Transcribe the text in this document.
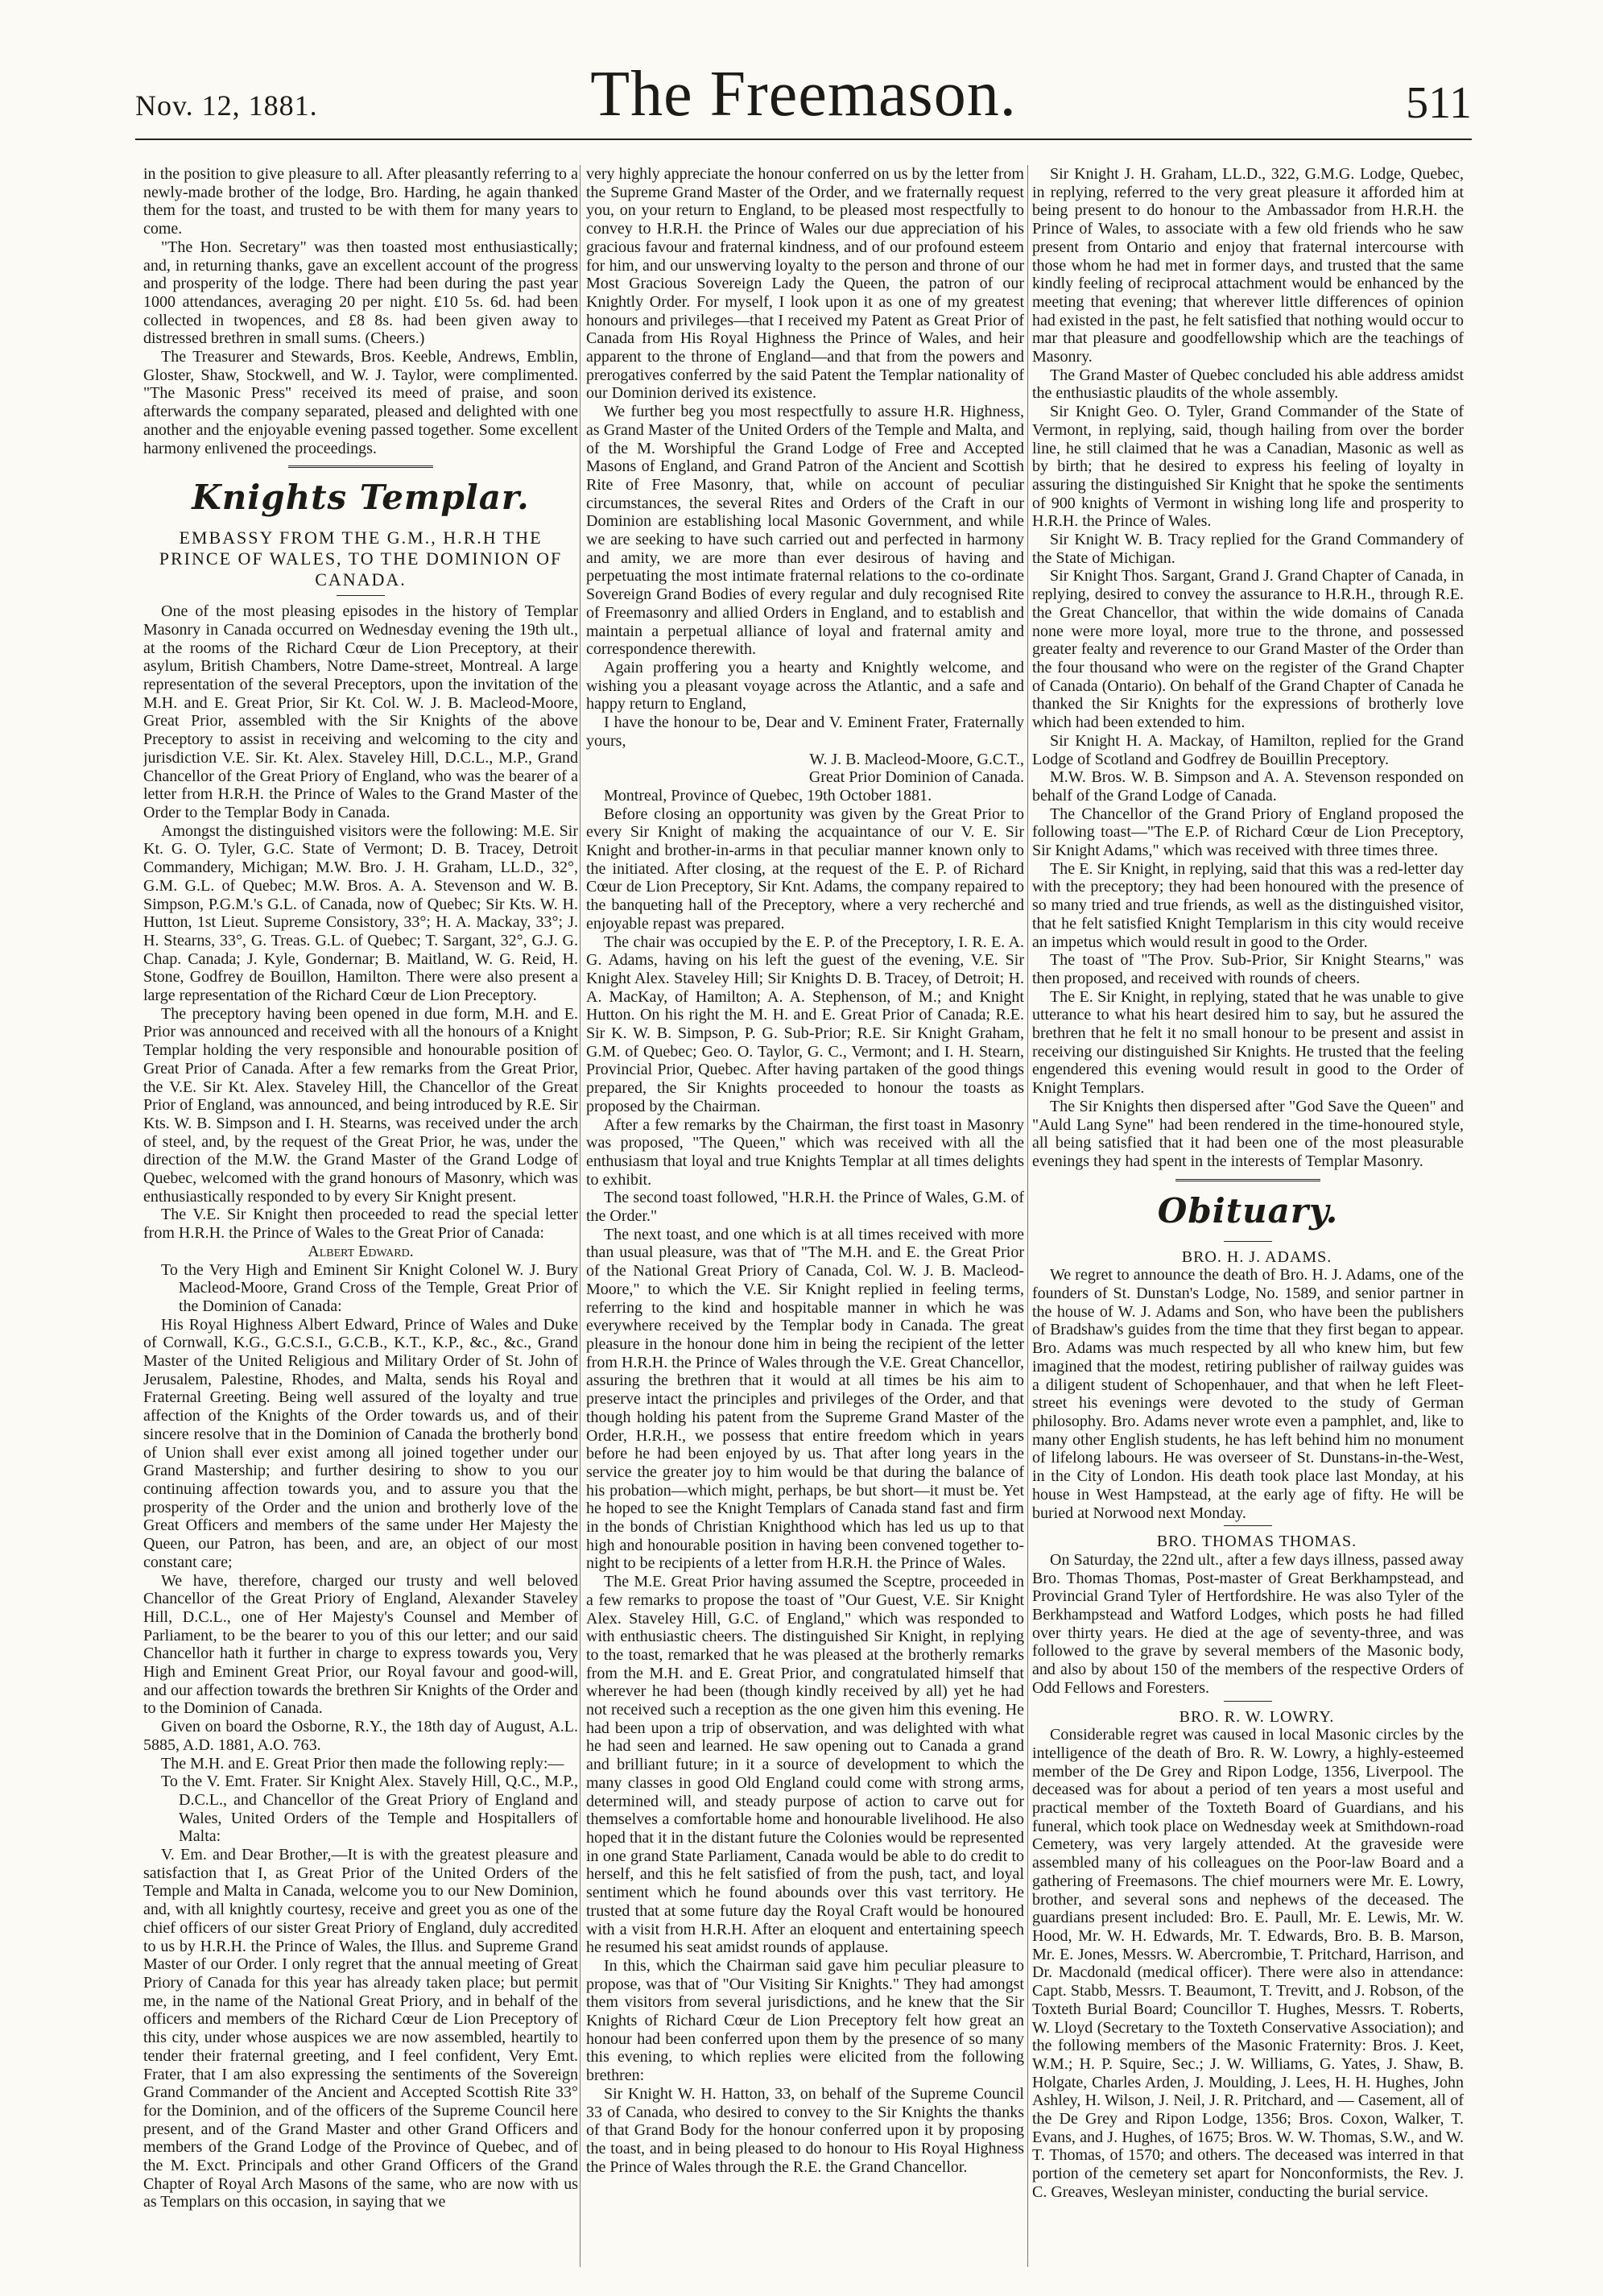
Nov. 12, 1881.	The Freemason.	511

in the position to give pleasure to all. After pleasantly referring to a newly-made brother of the lodge, Bro. Harding, he again thanked them for the toast, and trusted to be with them for many years to come.

"The Hon. Secretary" was then toasted most enthusiastically; and, in returning thanks, gave an excellent account of the progress and prosperity of the lodge. There had been during the past year 1000 attendances, averaging 20 per night. £10 5s. 6d. had been collected in twopences, and £8 8s. had been given away to distressed brethren in small sums. (Cheers.)

The Treasurer and Stewards, Bros. Keeble, Andrews, Emblin, Gloster, Shaw, Stockwell, and W. J. Taylor, were complimented. "The Masonic Press" received its meed of praise, and soon afterwards the company separated, pleased and delighted with one another and the enjoyable evening passed together. Some excellent harmony enlivened the proceedings.

Knights Templar.
EMBASSY FROM THE G.M., H.R.H THE PRINCE OF WALES, TO THE DOMINION OF CANADA.

One of the most pleasing episodes in the history of Templar Masonry in Canada occurred on Wednesday evening the 19th ult., at the rooms of the Richard Cœur de Lion Preceptory, at their asylum, British Chambers, Notre Dame-street, Montreal. A large representation of the several Preceptors, upon the invitation of the M.H. and E. Great Prior, Sir Kt. Col. W. J. B. Macleod-Moore, Great Prior, assembled with the Sir Knights of the above Preceptory to assist in receiving and welcoming to the city and jurisdiction V.E. Sir. Kt. Alex. Staveley Hill, D.C.L., M.P., Grand Chancellor of the Great Priory of England, who was the bearer of a letter from H.R.H. the Prince of Wales to the Grand Master of the Order to the Templar Body in Canada.

Amongst the distinguished visitors were the following: M.E. Sir Kt. G. O. Tyler, G.C. State of Vermont; D. B. Tracey, Detroit Commandery, Michigan; M.W. Bro. J. H. Graham, LL.D., 32°, G.M. G.L. of Quebec; M.W. Bros. A. A. Stevenson and W. B. Simpson, P.G.M.'s G.L. of Canada, now of Quebec; Sir Kts. W. H. Hutton, 1st Lieut. Supreme Consistory, 33°; H. A. Mackay, 33°; J. H. Stearns, 33°, G. Treas. G.L. of Quebec; T. Sargant, 32°, G.J. G. Chap. Canada; J. Kyle, Gondernar; B. Maitland, W. G. Reid, H. Stone, Godfrey de Bouillon, Hamilton. There were also present a large representation of the Richard Cœur de Lion Preceptory.

The preceptory having been opened in due form, M.H. and E. Prior was announced and received with all the honours of a Knight Templar holding the very responsible and honourable position of Great Prior of Canada. After a few remarks from the Great Prior, the V.E. Sir Kt. Alex. Staveley Hill, the Chancellor of the Great Prior of England, was announced, and being introduced by R.E. Sir Kts. W. B. Simpson and I. H. Stearns, was received under the arch of steel, and, by the request of the Great Prior, he was, under the direction of the M.W. the Grand Master of the Grand Lodge of Quebec, welcomed with the grand honours of Masonry, which was enthusiastically responded to by every Sir Knight present.

The V.E. Sir Knight then proceeded to read the special letter from H.R.H. the Prince of Wales to the Great Prior of Canada:

Albert Edward.

To the Very High and Eminent Sir Knight Colonel W. J. Bury Macleod-Moore, Grand Cross of the Temple, Great Prior of the Dominion of Canada:

His Royal Highness Albert Edward, Prince of Wales and Duke of Cornwall, K.G., G.C.S.I., G.C.B., K.T., K.P., &c., &c., Grand Master of the United Religious and Military Order of St. John of Jerusalem, Palestine, Rhodes, and Malta, sends his Royal and Fraternal Greeting. Being well assured of the loyalty and true affection of the Knights of the Order towards us, and of their sincere resolve that in the Dominion of Canada the brotherly bond of Union shall ever exist among all joined together under our Grand Mastership; and further desiring to show to you our continuing affection towards you, and to assure you that the prosperity of the Order and the union and brotherly love of the Great Officers and members of the same under Her Majesty the Queen, our Patron, has been, and are, an object of our most constant care;

We have, therefore, charged our trusty and well beloved Chancellor of the Great Priory of England, Alexander Staveley Hill, D.C.L., one of Her Majesty's Counsel and Member of Parliament, to be the bearer to you of this our letter; and our said Chancellor hath it further in charge to express towards you, Very High and Eminent Great Prior, our Royal favour and good-will, and our affection towards the brethren Sir Knights of the Order and to the Dominion of Canada.

Given on board the Osborne, R.Y., the 18th day of August, A.L. 5885, A.D. 1881, A.O. 763.

The M.H. and E. Great Prior then made the following reply:—

To the V. Emt. Frater. Sir Knight Alex. Stavely Hill, Q.C., M.P., D.C.L., and Chancellor of the Great Priory of England and Wales, United Orders of the Temple and Hospitallers of Malta:

V. Em. and Dear Brother,—It is with the greatest pleasure and satisfaction that I, as Great Prior of the United Orders of the Temple and Malta in Canada, welcome you to our New Dominion, and, with all knightly courtesy, receive and greet you as one of the chief officers of our sister Great Priory of England, duly accredited to us by H.R.H. the Prince of Wales, the Illus. and Supreme Grand Master of our Order. I only regret that the annual meeting of Great Priory of Canada for this year has already taken place; but permit me, in the name of the National Great Priory, and in behalf of the officers and members of the Richard Cœur de Lion Preceptory of this city, under whose auspices we are now assembled, heartily to tender their fraternal greeting, and I feel confident, Very Emt. Frater, that I am also expressing the sentiments of the Sovereign Grand Commander of the Ancient and Accepted Scottish Rite 33° for the Dominion, and of the officers of the Supreme Council here present, and of the Grand Master and other Grand Officers and members of the Grand Lodge of the Province of Quebec, and of the M. Exct. Principals and other Grand Officers of the Grand Chapter of Royal Arch Masons of the same, who are now with us as Templars on this occasion, in saying that we

very highly appreciate the honour conferred on us by the letter from the Supreme Grand Master of the Order, and we fraternally request you, on your return to England, to be pleased most respectfully to convey to H.R.H. the Prince of Wales our due appreciation of his gracious favour and fraternal kindness, and of our profound esteem for him, and our unswerving loyalty to the person and throne of our Most Gracious Sovereign Lady the Queen, the patron of our Knightly Order. For myself, I look upon it as one of my greatest honours and privileges—that I received my Patent as Great Prior of Canada from His Royal Highness the Prince of Wales, and heir apparent to the throne of England—and that from the powers and prerogatives conferred by the said Patent the Templar nationality of our Dominion derived its existence.

We further beg you most respectfully to assure H.R. Highness, as Grand Master of the United Orders of the Temple and Malta, and of the M. Worshipful the Grand Lodge of Free and Accepted Masons of England, and Grand Patron of the Ancient and Scottish Rite of Free Masonry, that, while on account of peculiar circumstances, the several Rites and Orders of the Craft in our Dominion are establishing local Masonic Government, and while we are seeking to have such carried out and perfected in harmony and amity, we are more than ever desirous of having and perpetuating the most intimate fraternal relations to the co-ordinate Sovereign Grand Bodies of every regular and duly recognised Rite of Freemasonry and allied Orders in England, and to establish and maintain a perpetual alliance of loyal and fraternal amity and correspondence therewith.

Again proffering you a hearty and Knightly welcome, and wishing you a pleasant voyage across the Atlantic, and a safe and happy return to England,

I have the honour to be, Dear and V. Eminent Frater, Fraternally yours,

W. J. B. Macleod-Moore, G.C.T.,

Great Prior Dominion of Canada.

Montreal, Province of Quebec, 19th October 1881.

Before closing an opportunity was given by the Great Prior to every Sir Knight of making the acquaintance of our V. E. Sir Knight and brother-in-arms in that peculiar manner known only to the initiated. After closing, at the request of the E. P. of Richard Cœur de Lion Preceptory, Sir Knt. Adams, the company repaired to the banqueting hall of the Preceptory, where a very recherché and enjoyable repast was prepared.

The chair was occupied by the E. P. of the Preceptory, I. R. E. A. G. Adams, having on his left the guest of the evening, V.E. Sir Knight Alex. Staveley Hill; Sir Knights D. B. Tracey, of Detroit; H. A. MacKay, of Hamilton; A. A. Stephenson, of M.; and Knight Hutton. On his right the M. H. and E. Great Prior of Canada; R.E. Sir K. W. B. Simpson, P. G. Sub-Prior; R.E. Sir Knight Graham, G.M. of Quebec; Geo. O. Taylor, G. C., Vermont; and I. H. Stearn, Provincial Prior, Quebec. After having partaken of the good things prepared, the Sir Knights proceeded to honour the toasts as proposed by the Chairman.

After a few remarks by the Chairman, the first toast in Masonry was proposed, "The Queen," which was received with all the enthusiasm that loyal and true Knights Templar at all times delights to exhibit.

The second toast followed, "H.R.H. the Prince of Wales, G.M. of the Order."

The next toast, and one which is at all times received with more than usual pleasure, was that of "The M.H. and E. the Great Prior of the National Great Priory of Canada, Col. W. J. B. Macleod-Moore," to which the V.E. Sir Knight replied in feeling terms, referring to the kind and hospitable manner in which he was everywhere received by the Templar body in Canada. The great pleasure in the honour done him in being the recipient of the letter from H.R.H. the Prince of Wales through the V.E. Great Chancellor, assuring the brethren that it would at all times be his aim to preserve intact the principles and privileges of the Order, and that though holding his patent from the Supreme Grand Master of the Order, H.R.H., we possess that entire freedom which in years before he had been enjoyed by us. That after long years in the service the greater joy to him would be that during the balance of his probation—which might, perhaps, be but short—it must be. Yet he hoped to see the Knight Templars of Canada stand fast and firm in the bonds of Christian Knighthood which has led us up to that high and honourable position in having been convened together to-night to be recipients of a letter from H.R.H. the Prince of Wales.

The M.E. Great Prior having assumed the Sceptre, proceeded in a few remarks to propose the toast of "Our Guest, V.E. Sir Knight Alex. Staveley Hill, G.C. of England," which was responded to with enthusiastic cheers. The distinguished Sir Knight, in replying to the toast, remarked that he was pleased at the brotherly remarks from the M.H. and E. Great Prior, and congratulated himself that wherever he had been (though kindly received by all) yet he had not received such a reception as the one given him this evening. He had been upon a trip of observation, and was delighted with what he had seen and learned. He saw opening out to Canada a grand and brilliant future; in it a source of development to which the many classes in good Old England could come with strong arms, determined will, and steady purpose of action to carve out for themselves a comfortable home and honourable livelihood. He also hoped that it in the distant future the Colonies would be represented in one grand State Parliament, Canada would be able to do credit to herself, and this he felt satisfied of from the push, tact, and loyal sentiment which he found abounds over this vast territory. He trusted that at some future day the Royal Craft would be honoured with a visit from H.R.H. After an eloquent and entertaining speech he resumed his seat amidst rounds of applause.

In this, which the Chairman said gave him peculiar pleasure to propose, was that of "Our Visiting Sir Knights." They had amongst them visitors from several jurisdictions, and he knew that the Sir Knights of Richard Cœur de Lion Preceptory felt how great an honour had been conferred upon them by the presence of so many this evening, to which replies were elicited from the following brethren:

Sir Knight W. H. Hatton, 33, on behalf of the Supreme Council 33 of Canada, who desired to convey to the Sir Knights the thanks of that Grand Body for the honour conferred upon it by proposing the toast, and in being pleased to do honour to His Royal Highness the Prince of Wales through the R.E. the Grand Chancellor.

Sir Knight J. H. Graham, LL.D., 322, G.M.G. Lodge, Quebec, in replying, referred to the very great pleasure it afforded him at being present to do honour to the Ambassador from H.R.H. the Prince of Wales, to associate with a few old friends who he saw present from Ontario and enjoy that fraternal intercourse with those whom he had met in former days, and trusted that the same kindly feeling of reciprocal attachment would be enhanced by the meeting that evening; that wherever little differences of opinion had existed in the past, he felt satisfied that nothing would occur to mar that pleasure and goodfellowship which are the teachings of Masonry.

The Grand Master of Quebec concluded his able address amidst the enthusiastic plaudits of the whole assembly.

Sir Knight Geo. O. Tyler, Grand Commander of the State of Vermont, in replying, said, though hailing from over the border line, he still claimed that he was a Canadian, Masonic as well as by birth; that he desired to express his feeling of loyalty in assuring the distinguished Sir Knight that he spoke the sentiments of 900 knights of Vermont in wishing long life and prosperity to H.R.H. the Prince of Wales.

Sir Knight W. B. Tracy replied for the Grand Commandery of the State of Michigan.

Sir Knight Thos. Sargant, Grand J. Grand Chapter of Canada, in replying, desired to convey the assurance to H.R.H., through R.E. the Great Chancellor, that within the wide domains of Canada none were more loyal, more true to the throne, and possessed greater fealty and reverence to our Grand Master of the Order than the four thousand who were on the register of the Grand Chapter of Canada (Ontario). On behalf of the Grand Chapter of Canada he thanked the Sir Knights for the expressions of brotherly love which had been extended to him.

Sir Knight H. A. Mackay, of Hamilton, replied for the Grand Lodge of Scotland and Godfrey de Bouillin Preceptory.

M.W. Bros. W. B. Simpson and A. A. Stevenson responded on behalf of the Grand Lodge of Canada.

The Chancellor of the Grand Priory of England proposed the following toast—"The E.P. of Richard Cœur de Lion Preceptory, Sir Knight Adams," which was received with three times three.

The E. Sir Knight, in replying, said that this was a red-letter day with the preceptory; they had been honoured with the presence of so many tried and true friends, as well as the distinguished visitor, that he felt satisfied Knight Templarism in this city would receive an impetus which would result in good to the Order.

The toast of "The Prov. Sub-Prior, Sir Knight Stearns," was then proposed, and received with rounds of cheers.

The E. Sir Knight, in replying, stated that he was unable to give utterance to what his heart desired him to say, but he assured the brethren that he felt it no small honour to be present and assist in receiving our distinguished Sir Knights. He trusted that the feeling engendered this evening would result in good to the Order of Knight Templars.

The Sir Knights then dispersed after "God Save the Queen" and "Auld Lang Syne" had been rendered in the time-honoured style, all being satisfied that it had been one of the most pleasurable evenings they had spent in the interests of Templar Masonry.

Obituary.

BRO. H. J. ADAMS.

We regret to announce the death of Bro. H. J. Adams, one of the founders of St. Dunstan's Lodge, No. 1589, and senior partner in the house of W. J. Adams and Son, who have been the publishers of Bradshaw's guides from the time that they first began to appear. Bro. Adams was much respected by all who knew him, but few imagined that the modest, retiring publisher of railway guides was a diligent student of Schopenhauer, and that when he left Fleet-street his evenings were devoted to the study of German philosophy. Bro. Adams never wrote even a pamphlet, and, like to many other English students, he has left behind him no monument of lifelong labours. He was overseer of St. Dunstans-in-the-West, in the City of London. His death took place last Monday, at his house in West Hampstead, at the early age of fifty. He will be buried at Norwood next Monday.

BRO. THOMAS THOMAS.

On Saturday, the 22nd ult., after a few days illness, passed away Bro. Thomas Thomas, Post-master of Great Berkhampstead, and Provincial Grand Tyler of Hertfordshire. He was also Tyler of the Berkhampstead and Watford Lodges, which posts he had filled over thirty years. He died at the age of seventy-three, and was followed to the grave by several members of the Masonic body, and also by about 150 of the members of the respective Orders of Odd Fellows and Foresters.

BRO. R. W. LOWRY.

Considerable regret was caused in local Masonic circles by the intelligence of the death of Bro. R. W. Lowry, a highly-esteemed member of the De Grey and Ripon Lodge, 1356, Liverpool. The deceased was for about a period of ten years a most useful and practical member of the Toxteth Board of Guardians, and his funeral, which took place on Wednesday week at Smithdown-road Cemetery, was very largely attended. At the graveside were assembled many of his colleagues on the Poor-law Board and a gathering of Freemasons. The chief mourners were Mr. E. Lowry, brother, and several sons and nephews of the deceased. The guardians present included: Bro. E. Paull, Mr. E. Lewis, Mr. W. Hood, Mr. W. H. Edwards, Mr. T. Edwards, Bro. B. B. Marson, Mr. E. Jones, Messrs. W. Abercrombie, T. Pritchard, Harrison, and Dr. Macdonald (medical officer). There were also in attendance: Capt. Stabb, Messrs. T. Beaumont, T. Trevitt, and J. Robson, of the Toxteth Burial Board; Councillor T. Hughes, Messrs. T. Roberts, W. Lloyd (Secretary to the Toxteth Conservative Association); and the following members of the Masonic Fraternity: Bros. J. Keet, W.M.; H. P. Squire, Sec.; J. W. Williams, G. Yates, J. Shaw, B. Holgate, Charles Arden, J. Moulding, J. Lees, H. H. Hughes, John Ashley, H. Wilson, J. Neil, J. R. Pritchard, and — Casement, all of the De Grey and Ripon Lodge, 1356; Bros. Coxon, Walker, T. Evans, and J. Hughes, of 1675; Bros. W. W. Thomas, S.W., and W. T. Thomas, of 1570; and others. The deceased was interred in that portion of the cemetery set apart for Nonconformists, the Rev. J. C. Greaves, Wesleyan minister, conducting the burial service.
